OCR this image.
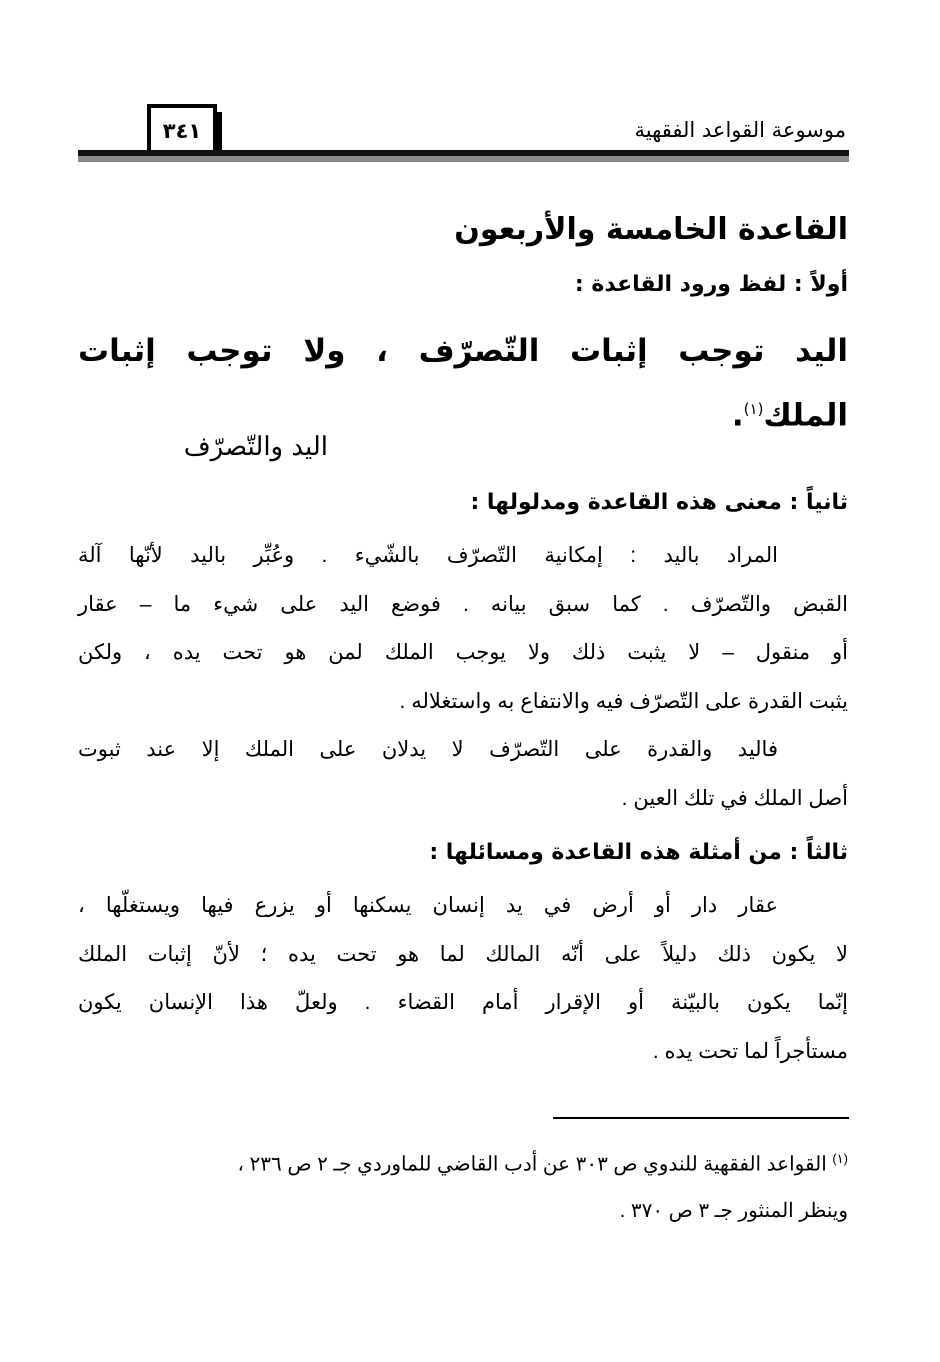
موسوعة القواعد الفقهية
٣٤١
القاعدة الخامسة والأربعون
أولاً : لفظ ورود القاعدة :
اليد توجب إثبات التّصرّف ، ولا توجب إثبات
الملك$^{(١)}$.
اليد والتّصرّف
ثانياً : معنى هذه القاعدة ومدلولها :
المراد باليد : إمكانية التّصرّف بالشّيء . وعُبِّر باليد لأنّها آلة
القبض والتّصرّف . كما سبق بيانه . فوضع اليد على شيء ما – عقار
أو منقول – لا يثبت ذلك ولا يوجب الملك لمن هو تحت يده ، ولكن
يثبت القدرة على التّصرّف فيه والانتفاع به واستغلاله .
فاليد والقدرة على التّصرّف لا يدلان على الملك إلا عند ثبوت
أصل الملك في تلك العين .
ثالثاً : من أمثلة هذه القاعدة ومسائلها :
عقار دار أو أرض في يد إنسان يسكنها أو يزرع فيها ويستغلّها ،
لا يكون ذلك دليلاً على أنّه المالك لما هو تحت يده ؛ لأنّ إثبات الملك
إنّما يكون بالبيّنة أو الإقرار أمام القضاء . ولعلّ هذا الإنسان يكون
مستأجراً لما تحت يده .
$^{(١)}$ القواعد الفقهية للندوي ص ٣٠٣ عن أدب القاضي للماوردي جـ ٢ ص ٢٣٦ ،
وينظر المنثور جـ ٣ ص ٣٧٠ .
